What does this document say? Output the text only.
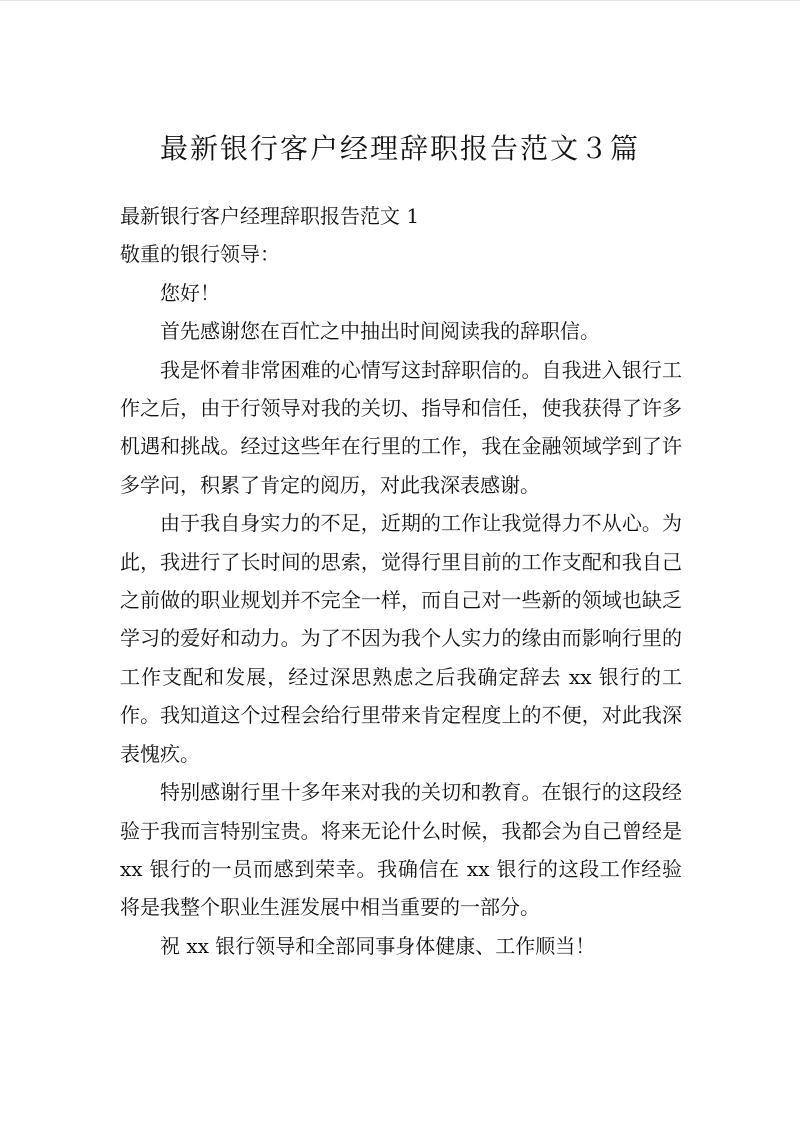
最新银行客户经理辞职报告范文３篇

最新银行客户经理辞职报告范文 1

敬重的银行领导：

您好！

首先感谢您在百忙之中抽出时间阅读我的辞职信。

我是怀着非常困难的心情写这封辞职信的。自我进入银行工作之后，由于行领导对我的关切、指导和信任，使我获得了许多机遇和挑战。经过这些年在行里的工作，我在金融领域学到了许多学问，积累了肯定的阅历，对此我深表感谢。

由于我自身实力的不足，近期的工作让我觉得力不从心。为此，我进行了长时间的思索，觉得行里目前的工作支配和我自己之前做的职业规划并不完全一样，而自己对一些新的领域也缺乏学习的爱好和动力。为了不因为我个人实力的缘由而影响行里的工作支配和发展，经过深思熟虑之后我确定辞去 xx 银行的工作。我知道这个过程会给行里带来肯定程度上的不便，对此我深表愧疚。

特别感谢行里十多年来对我的关切和教育。在银行的这段经验于我而言特别宝贵。将来无论什么时候，我都会为自己曾经是 xx 银行的一员而感到荣幸。我确信在 xx 银行的这段工作经验将是我整个职业生涯发展中相当重要的一部分。

祝 xx 银行领导和全部同事身体健康、工作顺当！
